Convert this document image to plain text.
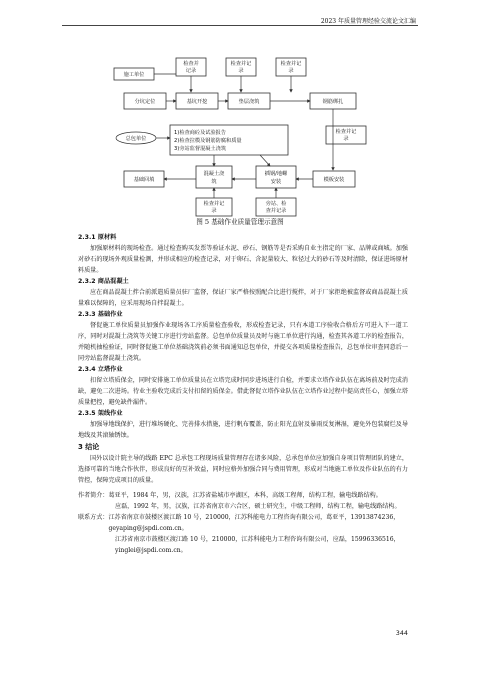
2023 年质量管理经验交流论文汇编
施工单位
检查并
记录
检查并记
录
检查并记
录
分坑定位	基坑开挖	垫层浇筑	钢筋绑扎
检查并记
录
总包单位
1)检查商砼及试验报告
2)检查拉模及钢筋防腐和质量
3)旁站监督混凝土浇筑
基础回填
混凝土浇
筑
插钢/地螺
安装	模板安装
检查并记
录
旁站、检
查并记录
图 5 基础作业质量管理示意图
2.3.1 原材料
加强原材料的现场检查。通过检查购买发票等验证水泥、砂石、钢筋等是否采购自业主指定的厂家、品牌或商城。加强对砂石的现场外观质量检测，并形成相应的检查记录，对于卵石、含泥量较大、粒径过大的砂石等及时清除，保证进场原材料质量。
2.3.2 商品混凝土
应在商品混凝土拌合前派遣质量员驻厂监督，保证厂家严格按照配合比进行搅拌，对于厂家拒绝被监督或商品混凝土质量难以保障的，应采用现场自拌混凝土。
2.3.3 基础作业
督促施工单位质量员加强作业现场各工序质量检查验收，形成检查记录，只有本道工序验收合格后方可进入下一道工序，同时对混凝土浇筑等关键工序进行旁站监督。总包单位质量员及时与施工单位进行沟通，检查其各道工序的检查报告，并随机抽检验证，同时督促施工单位基础浇筑前必须书面通知总包单位，并提交各项质量检查报告，总包单位审查同意后一同旁站监督混凝土浇筑。
2.3.4 立塔作业
扣留立塔质保金，同时安排施工单位质量员在立塔完成时同步进场进行自检，并要求立塔作业队伍在离场前及时完成消缺，避免二次进场。待业主验收完成后支付扣留的质保金。借此督促立塔作业队伍在立塔作业过程中提高责任心，加强立塔质量把控，避免缺件漏件。
2.3.5 架线作业
加强导地线保护，进行堆场硬化、完善排水措施，进行帆布覆盖，防止阳光直射及暴雨反复淋湿，避免外包装腐烂及导地线及其滚轴锈蚀。
3 结论
国外以设计院主导的线路 EPC 总承包工程现场质量管理存在诸多风险，总承包单位应加强自身项目管理团队的建立，选择可靠的当地合作伙伴，形成良好的互补效益，同时应格外加强合同与费用管理，形成对当地施工单位及作业队伍的有力管控，保障完成项目的质量。
作者简介： 葛亚平，1984 年，男，汉族，江苏省盐城市亭湖区，本科，高级工程师，结构工程，输电线路结构。
应磊，1992 年，男，汉族，江苏省南京市六合区，硕士研究生，中级工程师，结构工程，输电线路结构。
联系方式： 江苏省南京市鼓楼区渡江路 10 号，210000，江苏科能电力工程咨询有限公司，葛亚平，13913874236，geyaping@jspdi.com.cn。
江苏省南京市鼓楼区渡江路 10 号，210000，江苏科能电力工程咨询有限公司，应磊，15996336516，yinglei@jspdi.com.cn。
344
